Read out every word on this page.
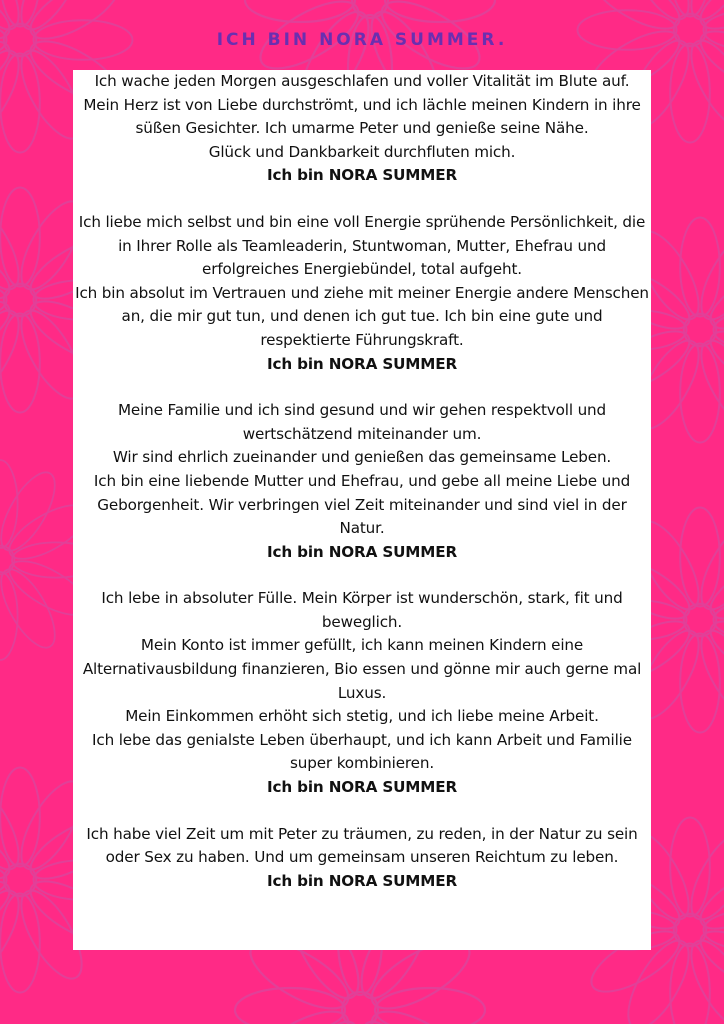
ICH BIN NORA SUMMER.
Ich wache jeden Morgen ausgeschlafen und voller Vitalität im Blute auf. Mein Herz ist von Liebe durchströmt, und ich lächle meinen Kindern in ihre süßen Gesichter. Ich umarme Peter und genieße seine Nähe.
Glück und Dankbarkeit durchfluten mich.
Ich bin NORA SUMMER
Ich liebe mich selbst und bin eine voll Energie sprühende Persönlichkeit, die in Ihrer Rolle als Teamleaderin, Stuntwoman, Mutter, Ehefrau und erfolgreiches Energiebündel, total aufgeht.
Ich bin absolut im Vertrauen und ziehe mit meiner Energie andere Menschen an, die mir gut tun, und denen ich gut tue. Ich bin eine gute und respektierte Führungskraft.
Ich bin NORA SUMMER
Meine Familie und ich sind gesund und wir gehen respektvoll und wertschätzend miteinander um.
Wir sind ehrlich zueinander und genießen das gemeinsame Leben.
Ich bin eine liebende Mutter und Ehefrau, und gebe all meine Liebe und Geborgenheit. Wir verbringen viel Zeit miteinander und sind viel in der Natur.
Ich bin NORA SUMMER
Ich lebe in absoluter Fülle. Mein Körper ist wunderschön, stark, fit und beweglich.
Mein Konto ist immer gefüllt, ich kann meinen Kindern eine Alternativausbildung finanzieren, Bio essen und gönne mir auch gerne mal Luxus.
Mein Einkommen erhöht sich stetig, und ich liebe meine Arbeit.
Ich lebe das genialste Leben überhaupt, und ich kann Arbeit und Familie super kombinieren.
Ich bin NORA SUMMER
Ich habe viel Zeit um mit Peter zu träumen, zu reden, in der Natur zu sein oder Sex zu haben. Und um gemeinsam unseren Reichtum zu leben.
Ich bin NORA SUMMER
